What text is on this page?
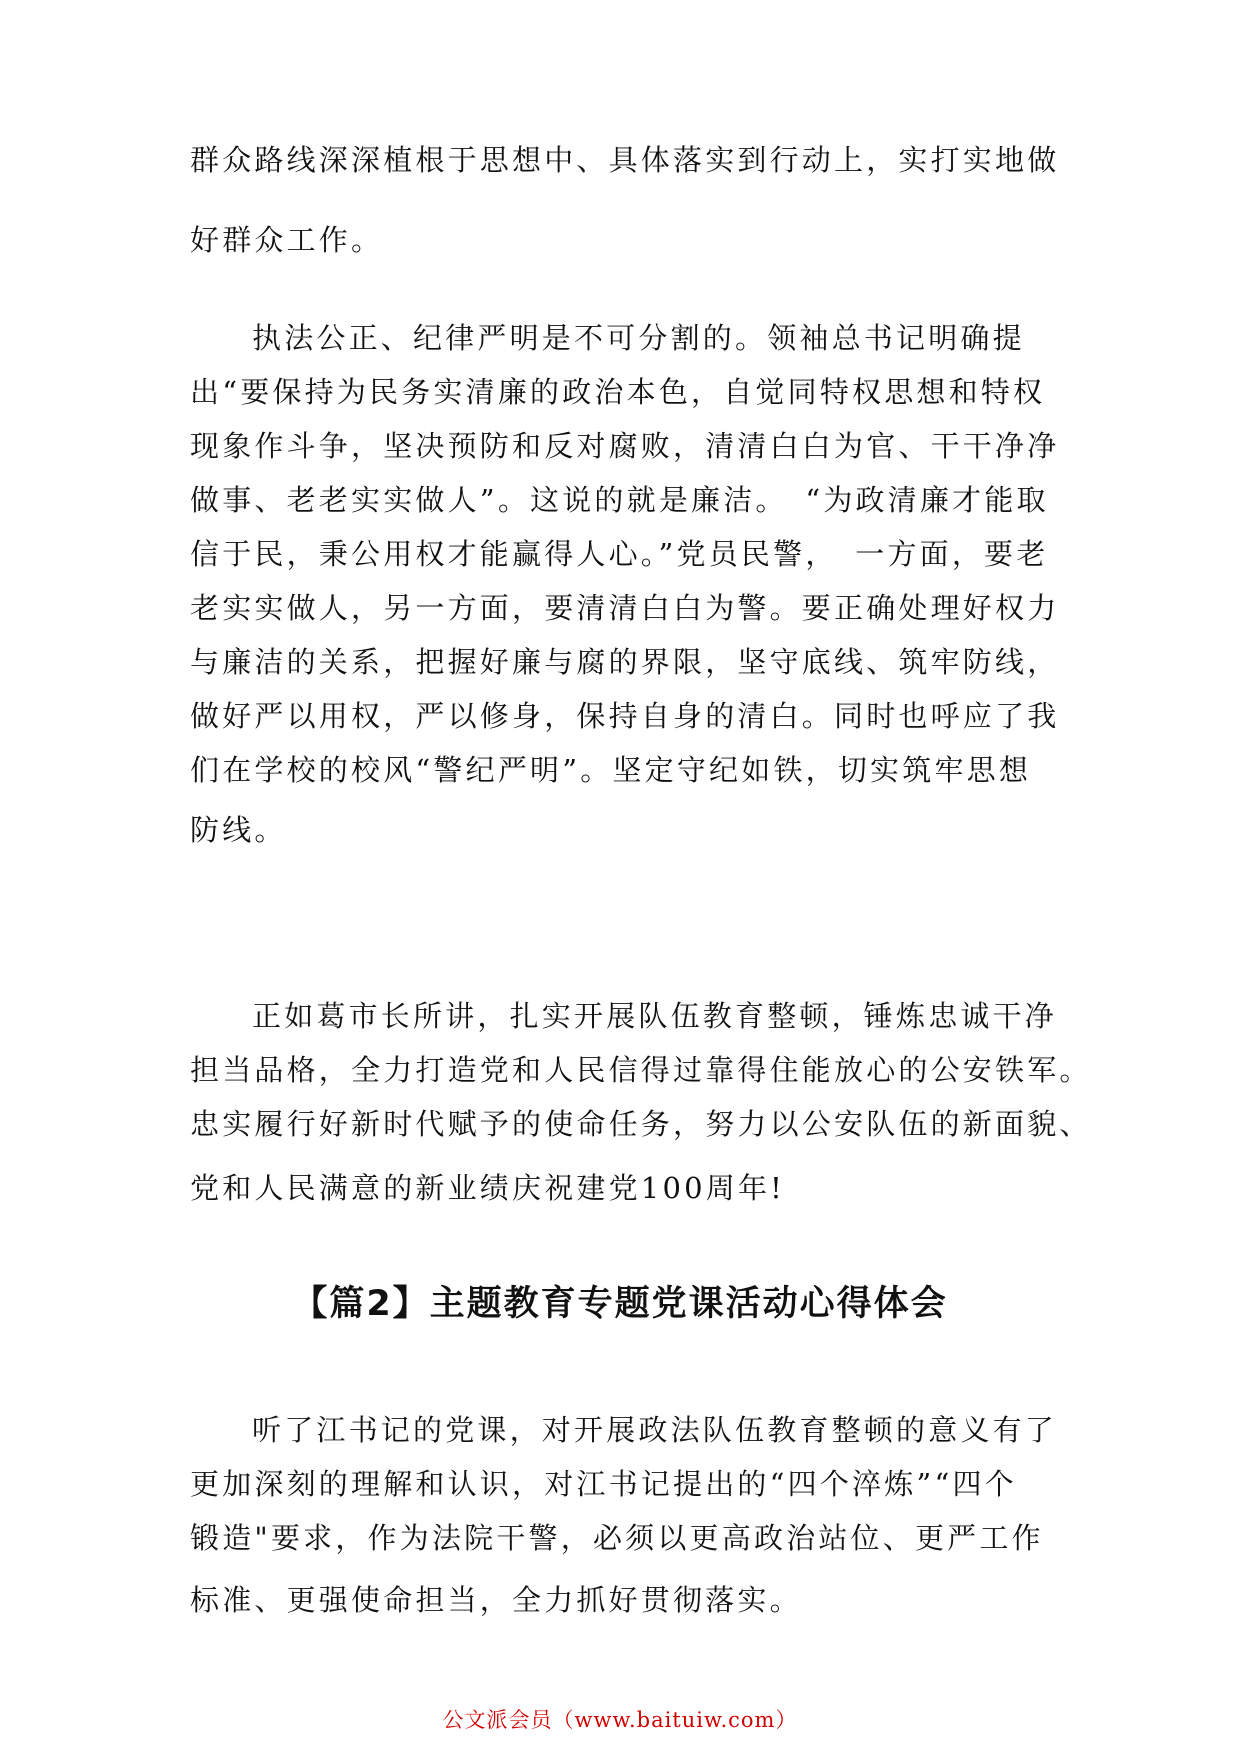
群众路线深深植根于思想中、具体落实到行动上，实打实地做
好群众工作。
执法公正、纪律严明是不可分割的。领袖总书记明确提
出“要保持为民务实清廉的政治本色，自觉同特权思想和特权
现象作斗争，坚决预防和反对腐败，清清白白为官、干干净净
做事、老老实实做人”。这说的就是廉洁。　“为政清廉才能取
信于民，秉公用权才能赢得人心。”党员民警，　一方面，要老
老实实做人，另一方面，要清清白白为警。要正确处理好权力
与廉洁的关系，把握好廉与腐的界限，坚守底线、筑牢防线，
做好严以用权，严以修身，保持自身的清白。同时也呼应了我
们在学校的校风“警纪严明”。坚定守纪如铁，切实筑牢思想
防线。
正如葛市长所讲，扎实开展队伍教育整顿，锤炼忠诚干净
担当品格，全力打造党和人民信得过靠得住能放心的公安铁军。
忠实履行好新时代赋予的使命任务，努力以公安队伍的新面貌、
党和人民满意的新业绩庆祝建党100周年!
【篇2】主题教育专题党课活动心得体会
听了江书记的党课，对开展政法队伍教育整顿的意义有了
更加深刻的理解和认识，对江书记提出的“四个淬炼”“四个
锻造"要求，作为法院干警，必须以更高政治站位、更严工作
标准、更强使命担当，全力抓好贯彻落实。
公文派会员（www.baituiw.com）
